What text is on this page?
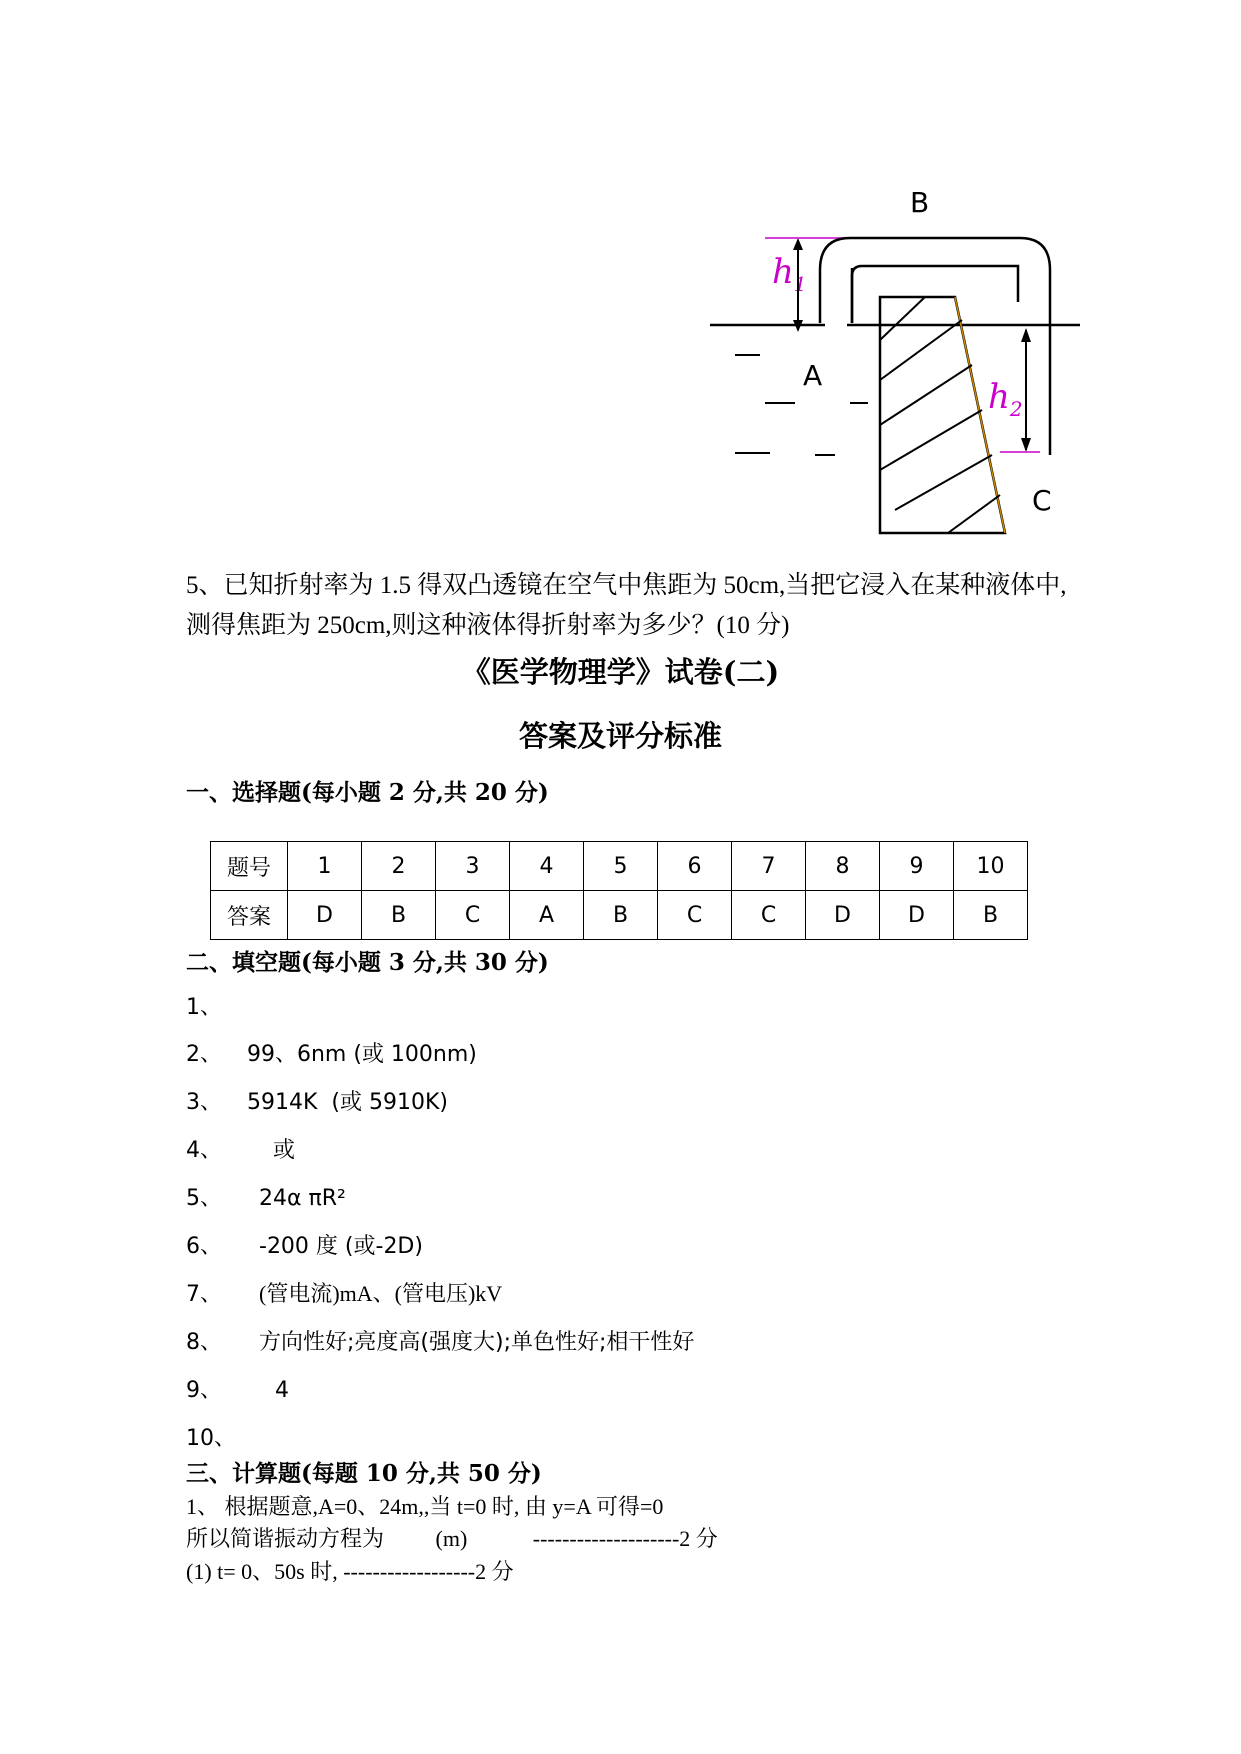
B
$h_1$
A
$h_2$
C
5、已知折射率为 1.5 得双凸透镜在空气中焦距为 50cm,当把它浸入在某种液体中,
测得焦距为 250cm,则这种液体得折射率为多少？(10 分)
《医学物理学》试卷(二)
答案及评分标准
一、选择题(每小题 2 分,共 20 分)
题号	1	2	3	4	5	6	7	8	9	10
答案	D	B	C	A	B	C	C	D	D	B
二、填空题(每小题 3 分,共 30 分)
1、
2、 99、6nm (或 100nm)
3、 5914K  (或 5910K)
4、 或
5、 24α πR²
6、 -200 度 (或-2D)
7、 (管电流)mA、(管电压)kV
8、 方向性好;亮度高(强度大);单色性好;相干性好
9、 4
10、
三、计算题(每题 10 分,共 50 分)
1、 根据题意,A=0、24m,,当 t=0 时, 由 y=A 可得=0
所以简谐振动方程为 (m)	--------------------2 分
(1) t= 0、50s 时, ------------------2 分
